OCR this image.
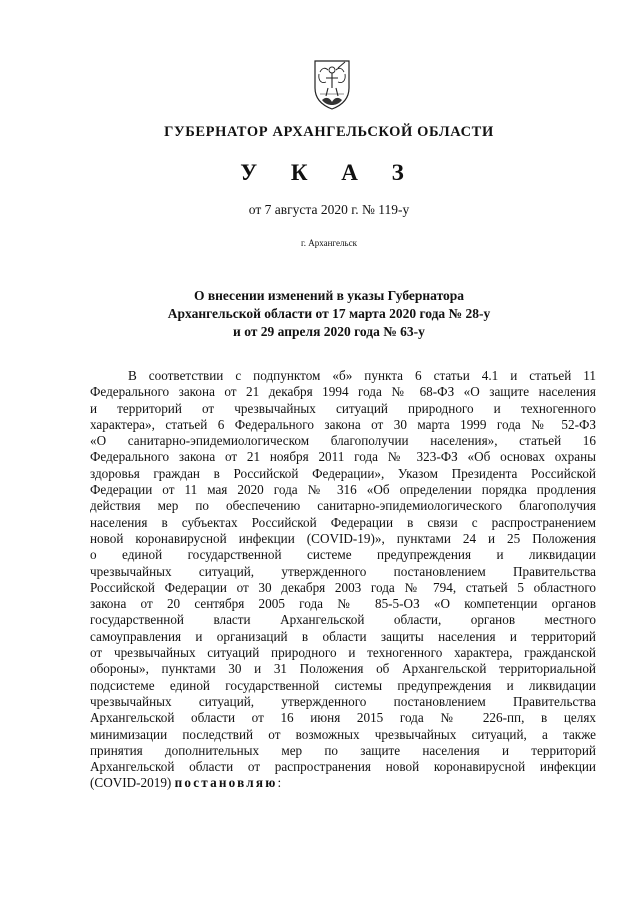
ГУБЕРНАТОР АРХАНГЕЛЬСКОЙ ОБЛАСТИ
У К А З
от 7 августа 2020 г. № 119-у
г. Архангельск
О внесении изменений в указы Губернатора
Архангельской области от 17 марта 2020 года № 28-у
и от 29 апреля 2020 года № 63-у
В соответствии с подпунктом «б» пункта 6 статьи 4.1 и статьей 11
Федерального закона от 21 декабря 1994 года № 68-ФЗ «О защите населения
и территорий от чрезвычайных ситуаций природного и техногенного
характера», статьей 6 Федерального закона от 30 марта 1999 года № 52-ФЗ
«О санитарно-эпидемиологическом благополучии населения», статьей 16
Федерального закона от 21 ноября 2011 года № 323-ФЗ «Об основах охраны
здоровья граждан в Российской Федерации», Указом Президента Российской
Федерации от 11 мая 2020 года № 316 «Об определении порядка продления
действия мер по обеспечению санитарно-эпидемиологического благополучия
населения в субъектах Российской Федерации в связи с распространением
новой коронавирусной инфекции (COVID-19)», пунктами 24 и 25 Положения
о единой государственной системе предупреждения и ликвидации
чрезвычайных ситуаций, утвержденного постановлением Правительства
Российской Федерации от 30 декабря 2003 года № 794, статьей 5 областного
закона от 20 сентября 2005 года № 85-5-ОЗ «О компетенции органов
государственной власти Архангельской области, органов местного
самоуправления и организаций в области защиты населения и территорий
от чрезвычайных ситуаций природного и техногенного характера, гражданской
обороны», пунктами 30 и 31 Положения об Архангельской территориальной
подсистеме единой государственной системы предупреждения и ликвидации
чрезвычайных ситуаций, утвержденного постановлением Правительства
Архангельской области от 16 июня 2015 года № 226-пп, в целях
минимизации последствий от возможных чрезвычайных ситуаций, а также
принятия дополнительных мер по защите населения и территорий
Архангельской области от распространения новой коронавирусной инфекции
(COVID-2019) постановляю:
